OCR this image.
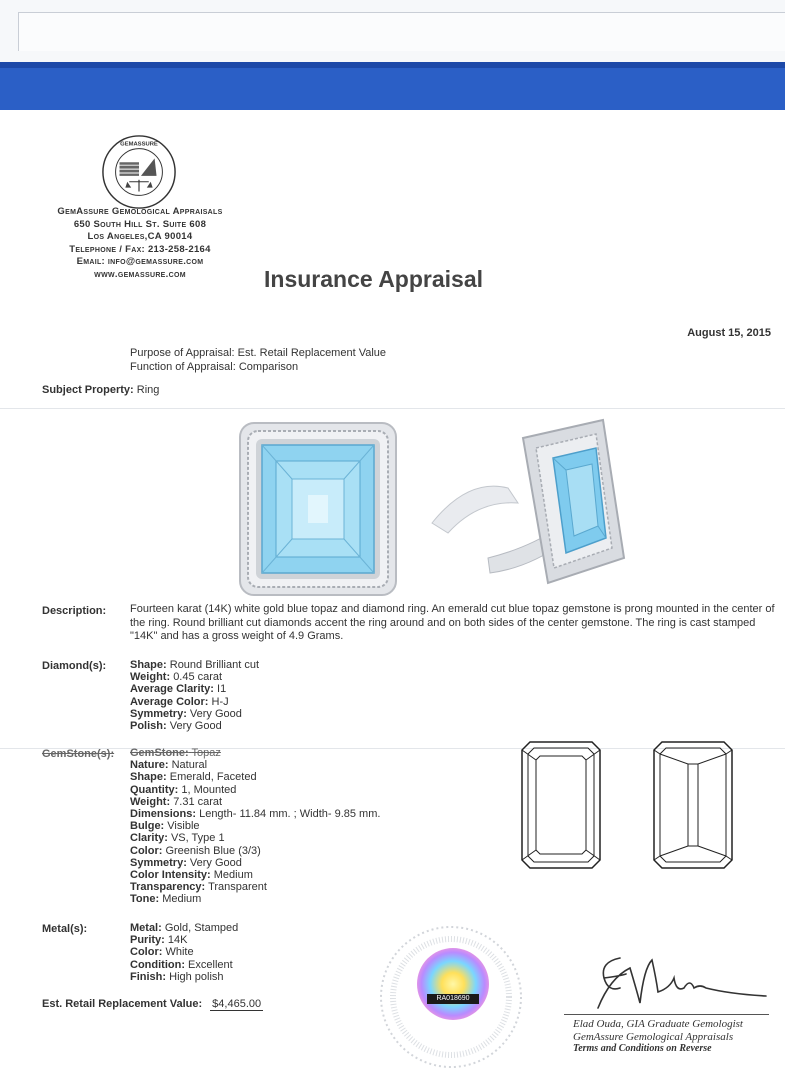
GEMASSURE
GemAssure Gemological Appraisals
650 South Hill St. Suite 608
Los Angeles,CA 90014
Telephone / Fax: 213-258-2164
Email: info@gemassure.com
www.gemassure.com	Insurance Appraisal
August 15, 2015
Purpose of Appraisal: Est. Retail Replacement Value
Function of Appraisal: Comparison
Subject Property: Ring
Description: Fourteen karat (14K) white gold blue topaz and diamond ring. An emerald cut blue topaz gemstone is prong mounted in the center of the ring. Round brilliant cut diamonds accent the ring around and on both sides of the center gemstone. The ring is cast stamped "14K" and has a gross weight of 4.9 Grams.
Diamond(s): Shape: Round Brilliant cut
Weight: 0.45 carat
Average Clarity: I1
Average Color: H-J
Symmetry: Very Good
Polish: Very Good
GemStone(s): GemStone: Topaz
Nature: Natural
Shape: Emerald, Faceted
Quantity: 1, Mounted
Weight: 7.31 carat
Dimensions: Length- 11.84 mm. ; Width- 9.85 mm.
Bulge: Visible
Clarity: VS, Type 1
Color: Greenish Blue (3/3)
Symmetry: Very Good
Color Intensity: Medium
Transparency: Transparent
Tone: Medium
Metal(s):	Metal: Gold, Stamped
Purity: 14K
Color: White
Condition: Excellent
Finish: High polish
Est. Retail Replacement Value: $4,465.00	RA018690
Elad Ouda, GIA Graduate Gemologist
GemAssure Gemological Appraisals
Terms and Conditions on Reverse
